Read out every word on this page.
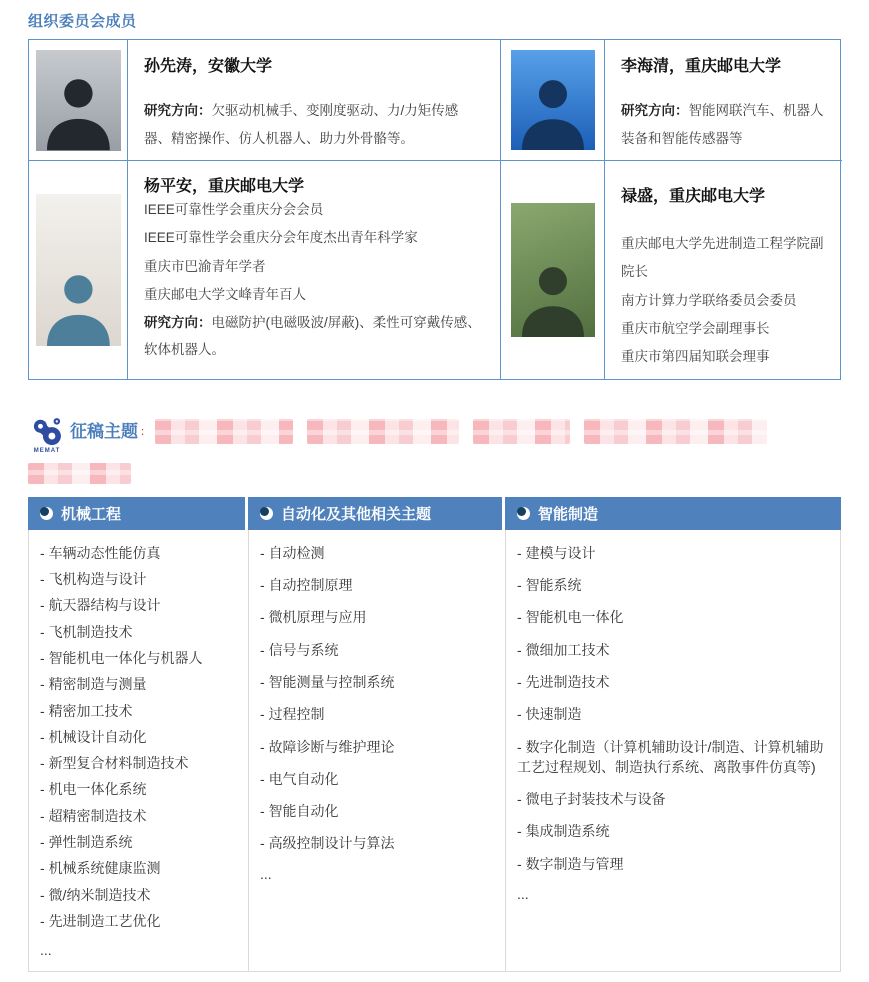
组织委员会成员
孙先涛，安徽大学

研究方向：欠驱动机械手、变刚度驱动、力/力矩传感器、精密操作、仿人机器人、助力外骨骼等。

李海清，重庆邮电大学

研究方向：智能网联汽车、机器人装备和智能传感器等

杨平安，重庆邮电大学
IEEE可靠性学会重庆分会会员
IEEE可靠性学会重庆分会年度杰出青年科学家
重庆市巴渝青年学者
重庆邮电大学文峰青年百人

研究方向：电磁防护(电磁吸波/屏蔽)、柔性可穿戴传感、软体机器人。

禄盛，重庆邮电大学
重庆邮电大学先进制造工程学院副院长
南方计算力学联络委员会委员
重庆市航空学会副理事长
重庆市第四届知联会理事
MEMAT
征稿主题 ：
机械工程	自动化及其他相关主题	智能制造
- 车辆动态性能仿真
- 飞机构造与设计
- 航天器结构与设计
- 飞机制造技术
- 智能机电一体化与机器人
- 精密制造与测量
- 精密加工技术
- 机械设计自动化
- 新型复合材料制造技术
- 机电一体化系统
- 超精密制造技术
- 弹性制造系统
- 机械系统健康监测
- 微/纳米制造技术
- 先进制造工艺优化
...
- 自动检测
- 自动控制原理
- 微机原理与应用
- 信号与系统
- 智能测量与控制系统
- 过程控制
- 故障诊断与维护理论
- 电气自动化
- 智能自动化
- 高级控制设计与算法
...
- 建模与设计
- 智能系统
- 智能机电一体化
- 微细加工技术
- 先进制造技术
- 快速制造
- 数字化制造（计算机辅助设计/制造、计算机辅助工艺过程规划、制造执行系统、离散事件仿真等)
- 微电子封装技术与设备
- 集成制造系统
- 数字制造与管理
...
